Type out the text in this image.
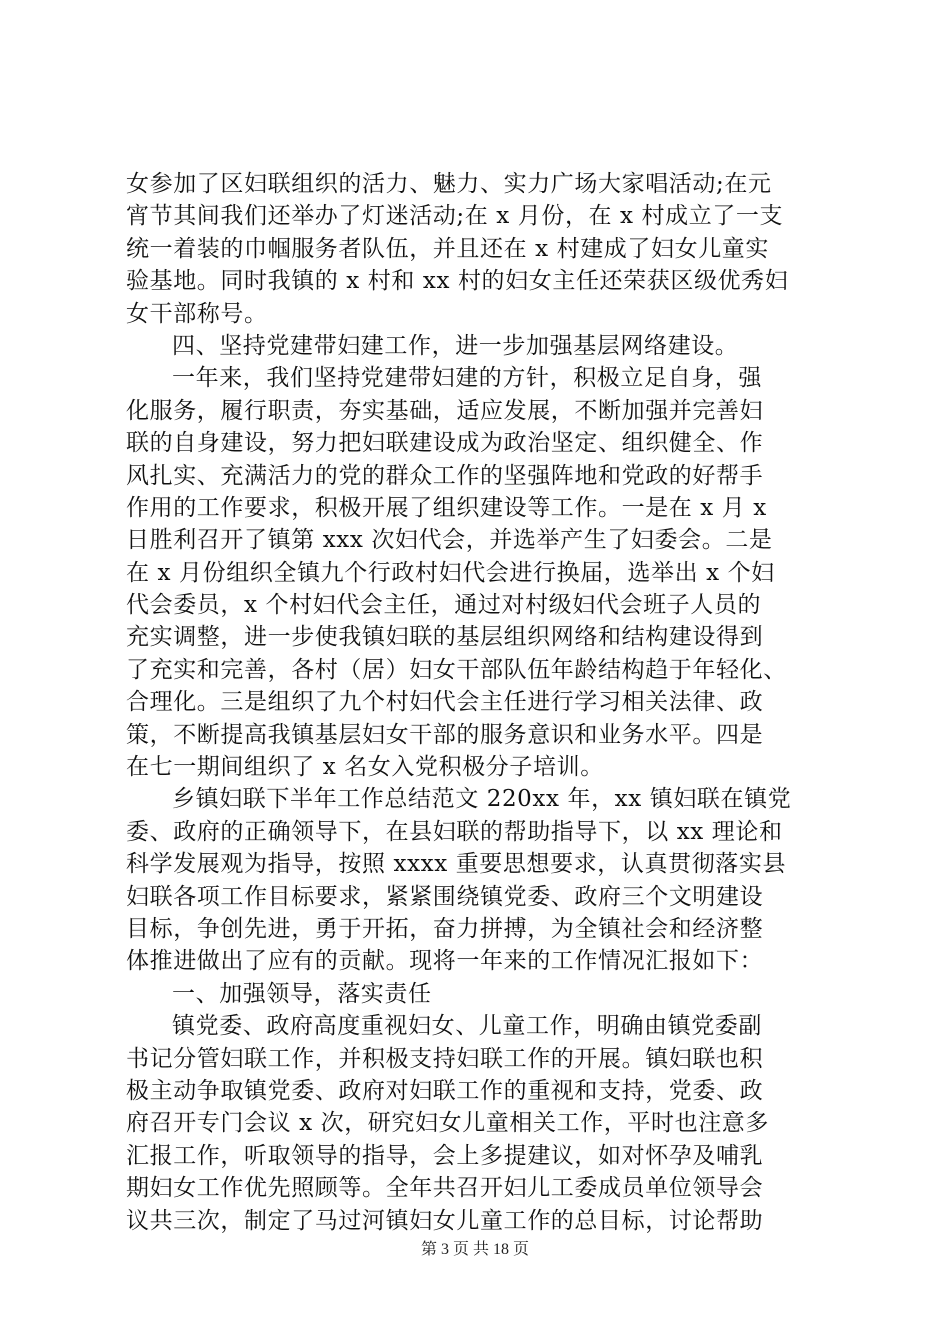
女参加了区妇联组织的活力、魅力、实力广场大家唱活动;在元
宵节其间我们还举办了灯迷活动;在 x 月份，在 x 村成立了一支
统一着装的巾帼服务者队伍，并且还在 x 村建成了妇女儿童实
验基地。同时我镇的 x 村和 xx 村的妇女主任还荣获区级优秀妇
女干部称号。
四、坚持党建带妇建工作，进一步加强基层网络建设。
一年来，我们坚持党建带妇建的方针，积极立足自身，强
化服务，履行职责，夯实基础，适应发展，不断加强并完善妇
联的自身建设，努力把妇联建设成为政治坚定、组织健全、作
风扎实、充满活力的党的群众工作的坚强阵地和党政的好帮手
作用的工作要求，积极开展了组织建设等工作。一是在 x 月 x
日胜利召开了镇第 xxx 次妇代会，并选举产生了妇委会。二是
在 x 月份组织全镇九个行政村妇代会进行换届，选举出 x 个妇
代会委员，x 个村妇代会主任，通过对村级妇代会班子人员的
充实调整，进一步使我镇妇联的基层组织网络和结构建设得到
了充实和完善，各村（居）妇女干部队伍年龄结构趋于年轻化、
合理化。三是组织了九个村妇代会主任进行学习相关法律、政
策，不断提高我镇基层妇女干部的服务意识和业务水平。四是
在七一期间组织了 x 名女入党积极分子培训。
乡镇妇联下半年工作总结范文 220xx 年，xx 镇妇联在镇党
委、政府的正确领导下，在县妇联的帮助指导下，以 xx 理论和
科学发展观为指导，按照 xxxx 重要思想要求，认真贯彻落实县
妇联各项工作目标要求，紧紧围绕镇党委、政府三个文明建设
目标，争创先进，勇于开拓，奋力拼搏，为全镇社会和经济整
体推进做出了应有的贡献。现将一年来的工作情况汇报如下：
一、加强领导，落实责任
镇党委、政府高度重视妇女、儿童工作，明确由镇党委副
书记分管妇联工作，并积极支持妇联工作的开展。镇妇联也积
极主动争取镇党委、政府对妇联工作的重视和支持，党委、政
府召开专门会议 x 次，研究妇女儿童相关工作，平时也注意多
汇报工作，听取领导的指导，会上多提建议，如对怀孕及哺乳
期妇女工作优先照顾等。全年共召开妇儿工委成员单位领导会
议共三次，制定了马过河镇妇女儿童工作的总目标，讨论帮助
第 3 页 共 18 页
